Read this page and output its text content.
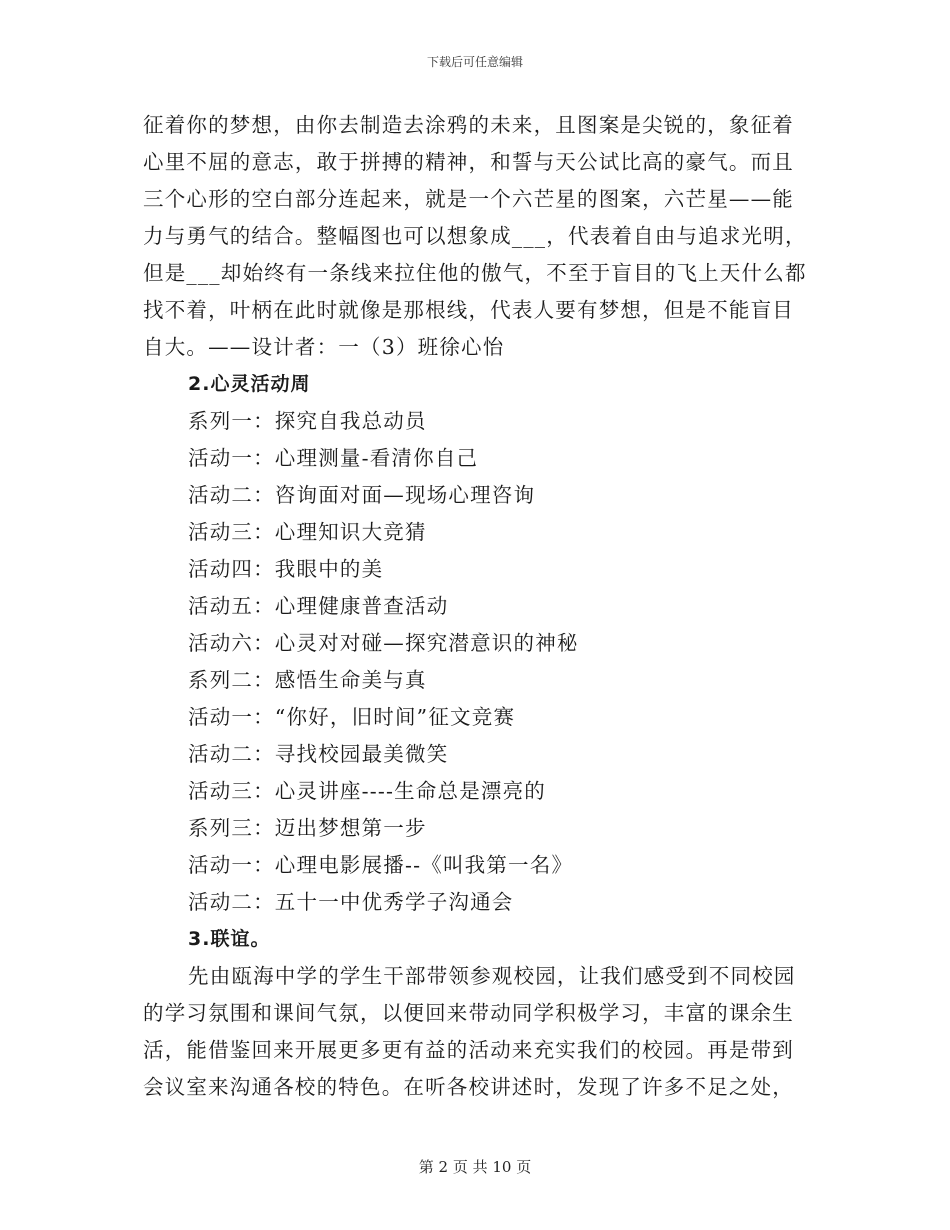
下载后可任意编辑
征着你的梦想，由你去制造去涂鸦的未来，且图案是尖锐的，象征着
心里不屈的意志，敢于拼搏的精神，和誓与天公试比高的豪气。而且
三个心形的空白部分连起来，就是一个六芒星的图案，六芒星——能
力与勇气的结合。整幅图也可以想象成___，代表着自由与追求光明，
但是___却始终有一条线来拉住他的傲气，不至于盲目的飞上天什么都
找不着，叶柄在此时就像是那根线，代表人要有梦想，但是不能盲目
自大。——设计者：一（3）班徐心怡
2.心灵活动周
系列一：探究自我总动员
活动一：心理测量-看清你自己
活动二：咨询面对面—现场心理咨询
活动三：心理知识大竞猜
活动四：我眼中的美
活动五：心理健康普查活动
活动六：心灵对对碰—探究潜意识的神秘
系列二：感悟生命美与真
活动一：“你好，旧时间”征文竞赛
活动二：寻找校园最美微笑
活动三：心灵讲座----生命总是漂亮的
系列三：迈出梦想第一步
活动一：心理电影展播--《叫我第一名》
活动二：五十一中优秀学子沟通会
3.联谊。
先由瓯海中学的学生干部带领参观校园，让我们感受到不同校园
的学习氛围和课间气氛，以便回来带动同学积极学习，丰富的课余生
活，能借鉴回来开展更多更有益的活动来充实我们的校园。再是带到
会议室来沟通各校的特色。在听各校讲述时，发现了许多不足之处，
第 2 页 共 10 页
